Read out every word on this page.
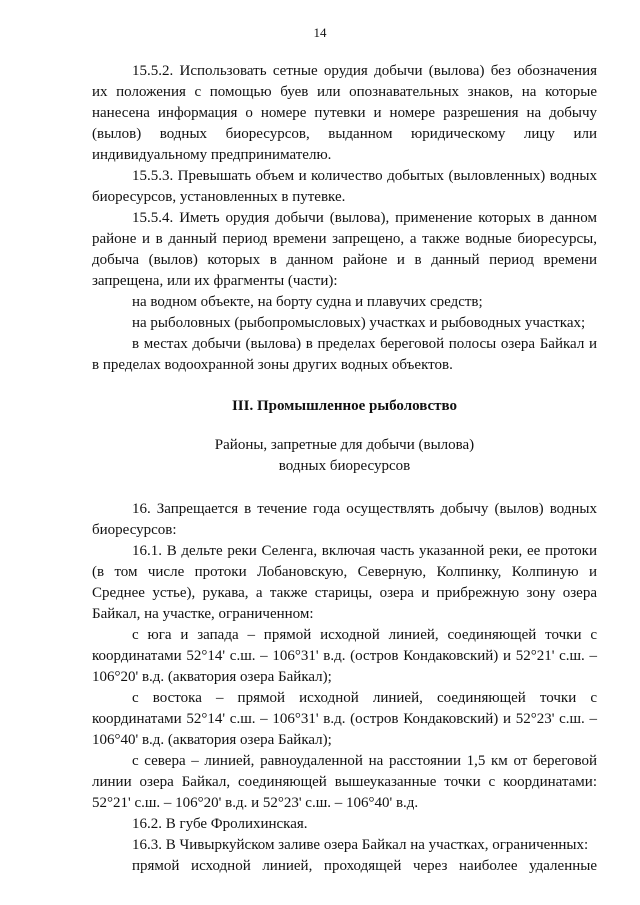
14

15.5.2. Использовать сетные орудия добычи (вылова) без обозначения их положения с помощью буев или опознавательных знаков, на которые нанесена информация о номере путевки и номере разрешения на добычу (вылов) водных биоресурсов, выданном юридическому лицу или индивидуальному предпринимателю.

15.5.3. Превышать объем и количество добытых (выловленных) водных биоресурсов, установленных в путевке.

15.5.4. Иметь орудия добычи (вылова), применение которых в данном районе и в данный период времени запрещено, а также водные биоресурсы, добыча (вылов) которых в данном районе и в данный период времени запрещена, или их фрагменты (части):

на водном объекте, на борту судна и плавучих средств;

на рыболовных (рыбопромысловых) участках и рыбоводных участках;

в местах добычи (вылова) в пределах береговой полосы озера Байкал и в пределах водоохранной зоны других водных объектов.

III. Промышленное рыболовство

Районы, запретные для добычи (вылова)

водных биоресурсов

16. Запрещается в течение года осуществлять добычу (вылов) водных биоресурсов:

16.1. В дельте реки Селенга, включая часть указанной реки, ее протоки (в том числе протоки Лобановскую, Северную, Колпинку, Колпиную и Среднее устье), рукава, а также старицы, озера и прибрежную зону озера Байкал, на участке, ограниченном:

с юга и запада – прямой исходной линией, соединяющей точки с координатами 52°14' с.ш. – 106°31' в.д. (остров Кондаковский) и 52°21' с.ш. – 106°20' в.д. (акватория озера Байкал);

с востока – прямой исходной линией, соединяющей точки с координатами 52°14' с.ш. – 106°31' в.д. (остров Кондаковский) и 52°23' с.ш. – 106°40' в.д. (акватория озера Байкал);

с севера – линией, равноудаленной на расстоянии 1,5 км от береговой линии озера Байкал, соединяющей вышеуказанные точки с координатами: 52°21' с.ш. – 106°20' в.д. и 52°23' с.ш. – 106°40' в.д.

16.2. В губе Фролихинская.

16.3. В Чивыркуйском заливе озера Байкал на участках, ограниченных:

прямой исходной линией, проходящей через наиболее удаленные
